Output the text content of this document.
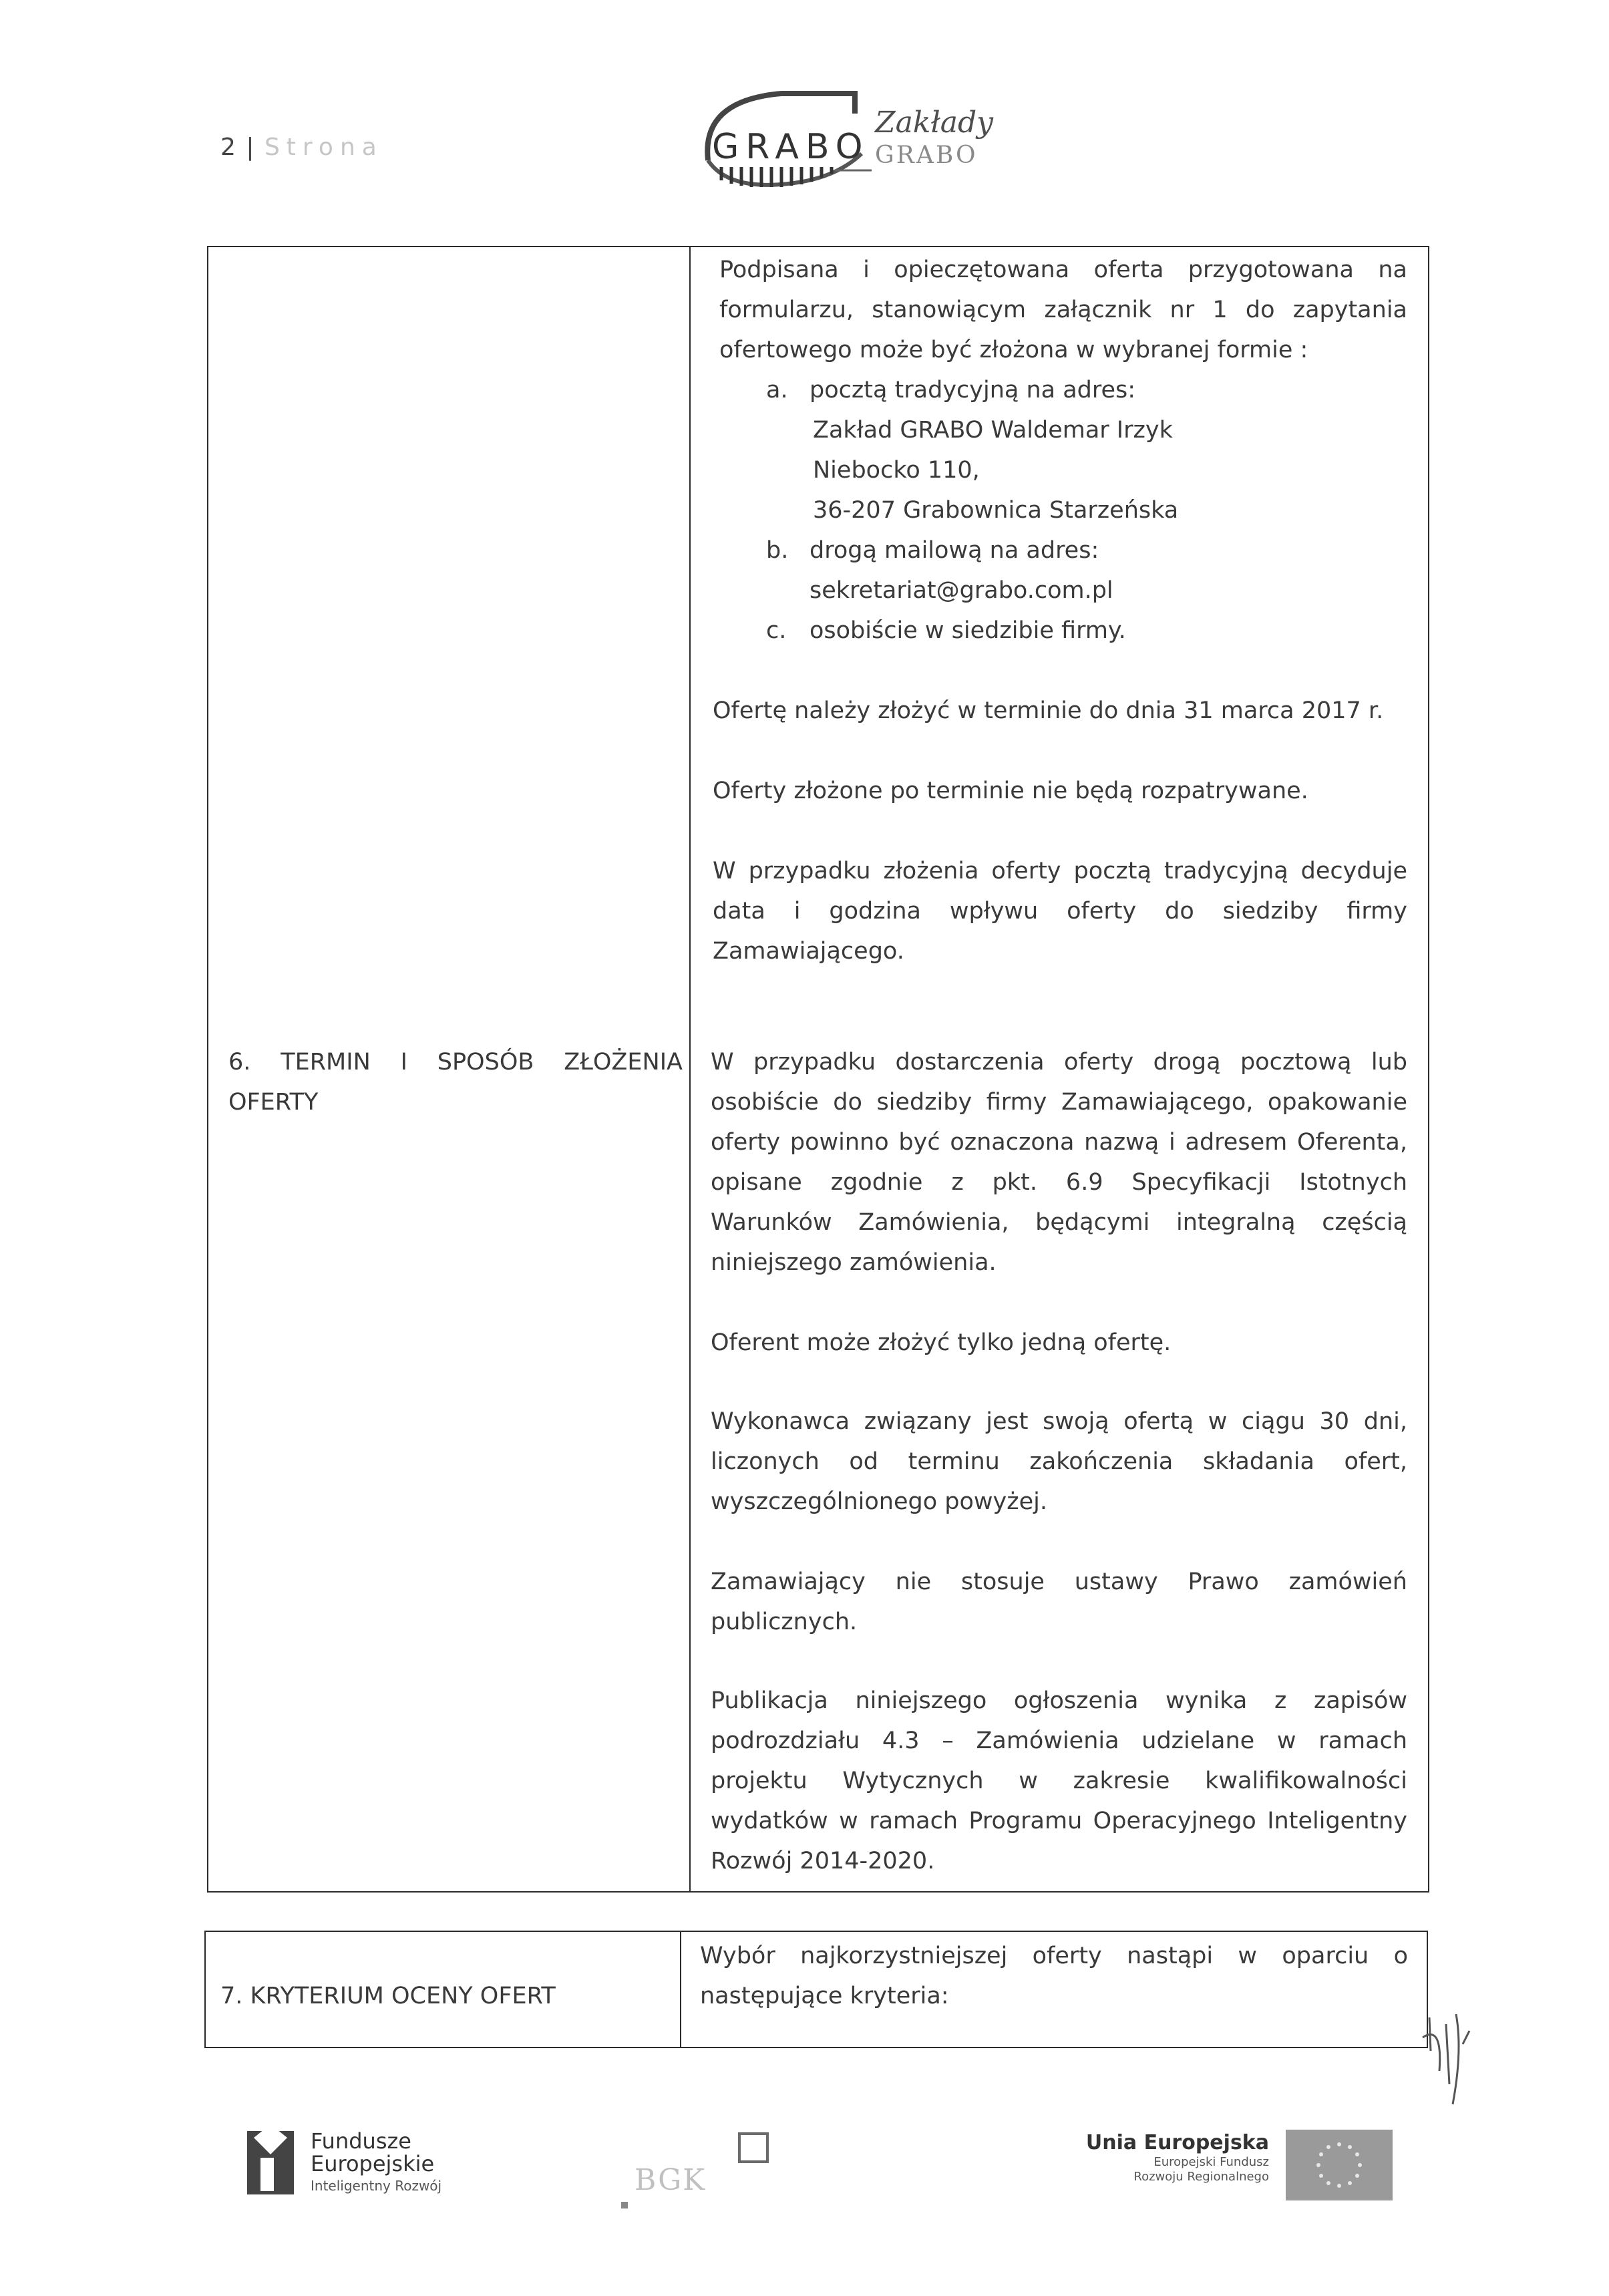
2 | Strona	GRABO
Zakłady
GRABO
6. TERMIN I SPOSÓB ZŁOŻENIA
OFERTY
Podpisana i opieczętowana oferta przygotowana na formularzu, stanowiącym załącznik nr 1 do zapytania ofertowego może być złożona w wybranej formie :
a. pocztą tradycyjną na adres:
Zakład GRABO Waldemar Irzyk
Niebocko 110,
36-207 Grabownica Starzeńska
b. drogą mailową na adres:
sekretariat@grabo.com.pl
c. osobiście w siedzibie firmy.
Ofertę należy złożyć w terminie do dnia 31 marca 2017 r.
Oferty złożone po terminie nie będą rozpatrywane.
W przypadku złożenia oferty pocztą tradycyjną decyduje data i godzina wpływu oferty do siedziby firmy Zamawiającego.
W przypadku dostarczenia oferty drogą pocztową lub osobiście do siedziby firmy Zamawiającego, opakowanie oferty powinno być oznaczona nazwą i adresem Oferenta, opisane zgodnie z pkt. 6.9 Specyfikacji Istotnych Warunków Zamówienia, będącymi integralną częścią niniejszego zamówienia.
Oferent może złożyć tylko jedną ofertę.
Wykonawca związany jest swoją ofertą w ciągu 30 dni, liczonych od terminu zakończenia składania ofert, wyszczególnionego powyżej.
Zamawiający nie stosuje ustawy Prawo zamówień publicznych.
Publikacja niniejszego ogłoszenia wynika z zapisów podrozdziału 4.3 – Zamówienia udzielane w ramach projektu Wytycznych w zakresie kwalifikowalności wydatków w ramach Programu Operacyjnego Inteligentny Rozwój 2014-2020.
7. KRYTERIUM OCENY OFERT
Wybór najkorzystniejszej oferty nastąpi w oparciu o następujące kryteria:
Fundusze
Europejskie
Inteligentny Rozwój	BGK
Unia Europejska
Europejski Fundusz
Rozwoju Regionalnego
